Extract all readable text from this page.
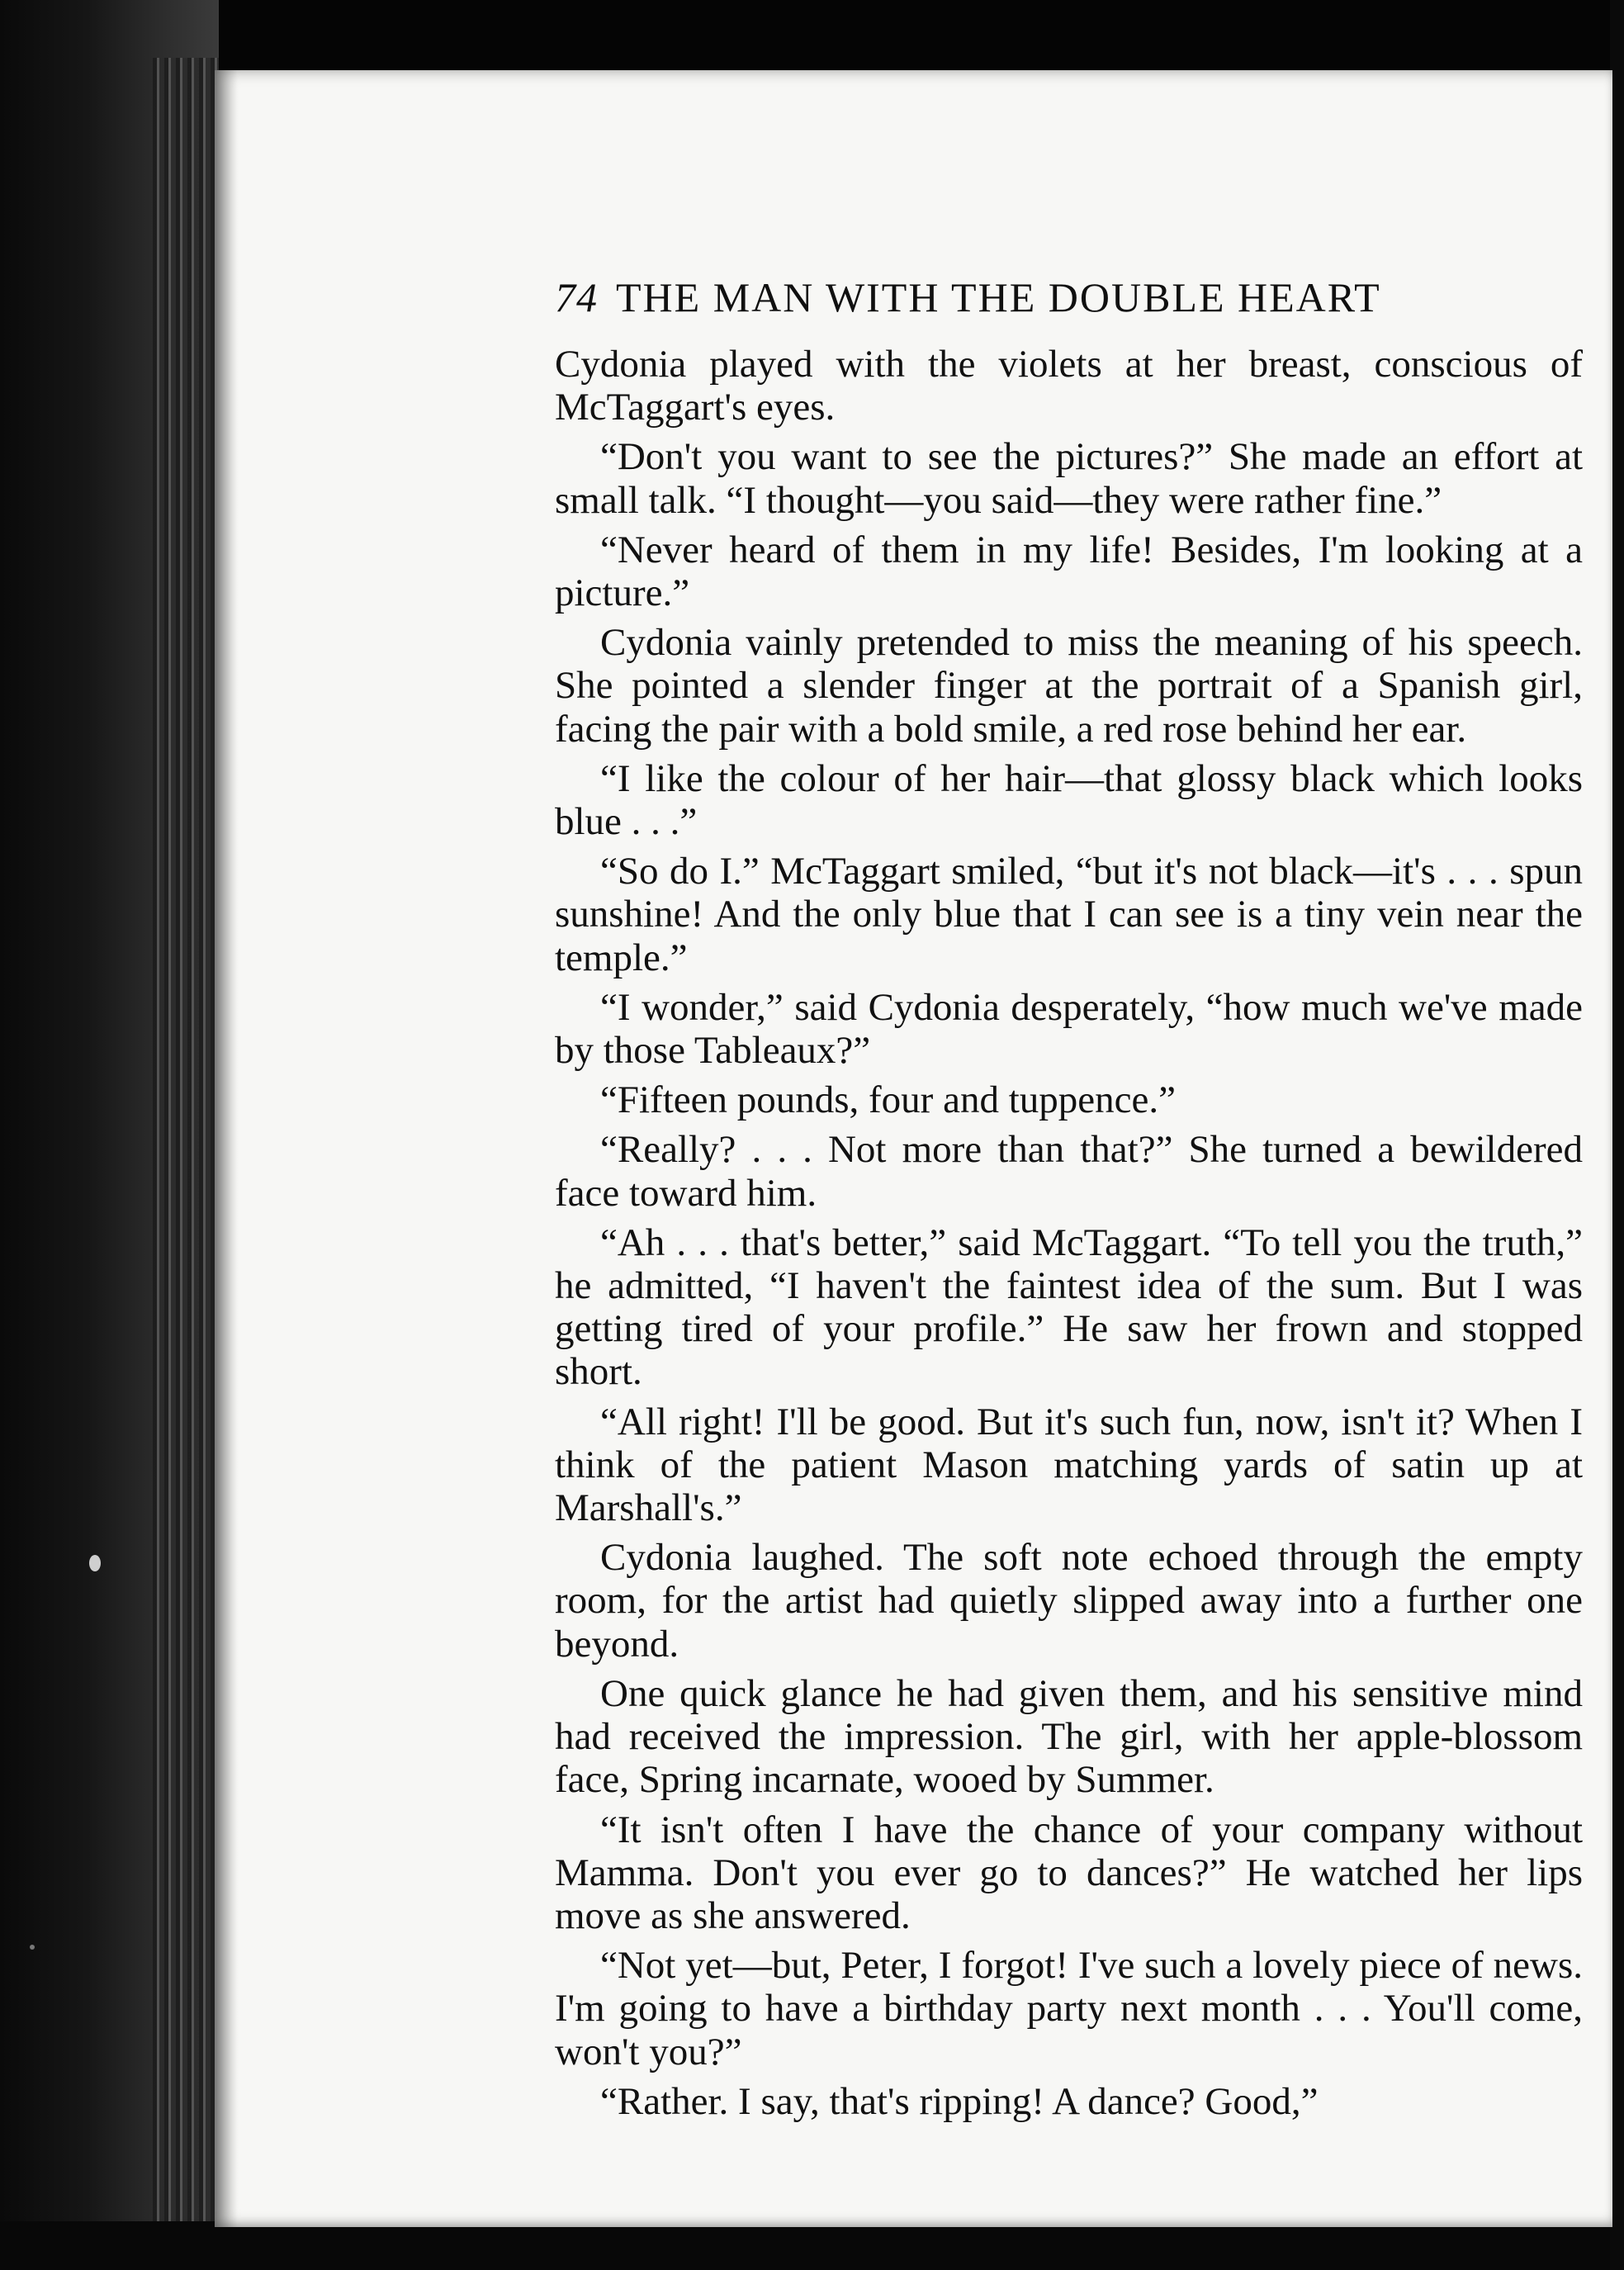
74 THE MAN WITH THE DOUBLE HEART

Cydonia played with the violets at her breast, conscious of McTaggart's eyes.

“Don't you want to see the pictures?” She made an effort at small talk. “I thought—you said—they were rather fine.”

“Never heard of them in my life! Besides, I'm looking at a picture.”

Cydonia vainly pretended to miss the meaning of his speech. She pointed a slender finger at the portrait of a Spanish girl, facing the pair with a bold smile, a red rose behind her ear.

“I like the colour of her hair—that glossy black which looks blue . . .”

“So do I.” McTaggart smiled, “but it's not black—it's . . . spun sunshine! And the only blue that I can see is a tiny vein near the temple.”

“I wonder,” said Cydonia desperately, “how much we've made by those Tableaux?”

“Fifteen pounds, four and tuppence.”

“Really? . . . Not more than that?” She turned a bewildered face toward him.

“Ah . . . that's better,” said McTaggart. “To tell you the truth,” he admitted, “I haven't the faintest idea of the sum. But I was getting tired of your profile.” He saw her frown and stopped short.

“All right! I'll be good. But it's such fun, now, isn't it? When I think of the patient Mason matching yards of satin up at Marshall's.”

Cydonia laughed. The soft note echoed through the empty room, for the artist had quietly slipped away into a further one beyond.

One quick glance he had given them, and his sensitive mind had received the impression. The girl, with her apple-blossom face, Spring incarnate, wooed by Summer.

“It isn't often I have the chance of your company without Mamma. Don't you ever go to dances?” He watched her lips move as she answered.

“Not yet—but, Peter, I forgot! I've such a lovely piece of news. I'm going to have a birthday party next month . . . You'll come, won't you?”

“Rather. I say, that's ripping! A dance? Good,”
